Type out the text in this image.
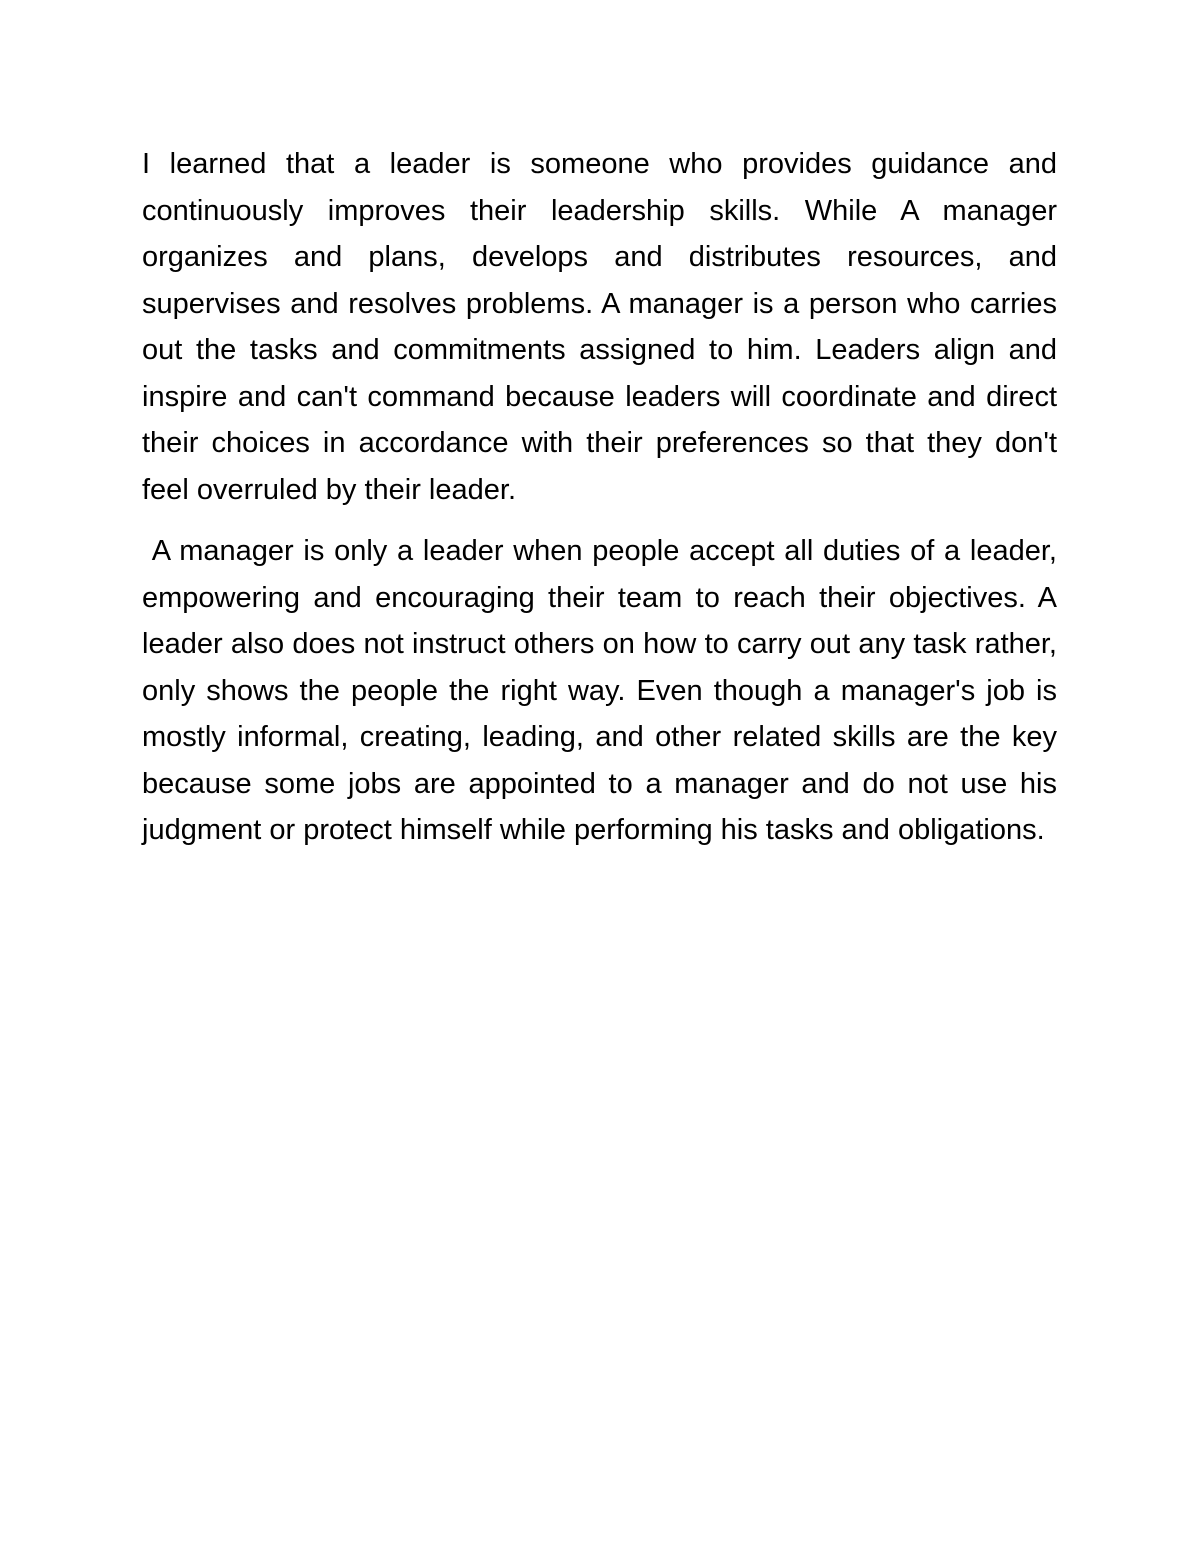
I learned that a leader is someone who provides guidance and continuously improves their leadership skills. While A manager organizes and plans, develops and distributes resources, and supervises and resolves problems. A manager is a person who carries out the tasks and commitments assigned to him. Leaders align and inspire and can't command because leaders will coordinate and direct their choices in accordance with their preferences so that they don't feel overruled by their leader.

A manager is only a leader when people accept all duties of a leader, empowering and encouraging their team to reach their objectives. A leader also does not instruct others on how to carry out any task rather, only shows the people the right way. Even though a manager's job is mostly informal, creating, leading, and other related skills are the key because some jobs are appointed to a manager and do not use his judgment or protect himself while performing his tasks and obligations.
